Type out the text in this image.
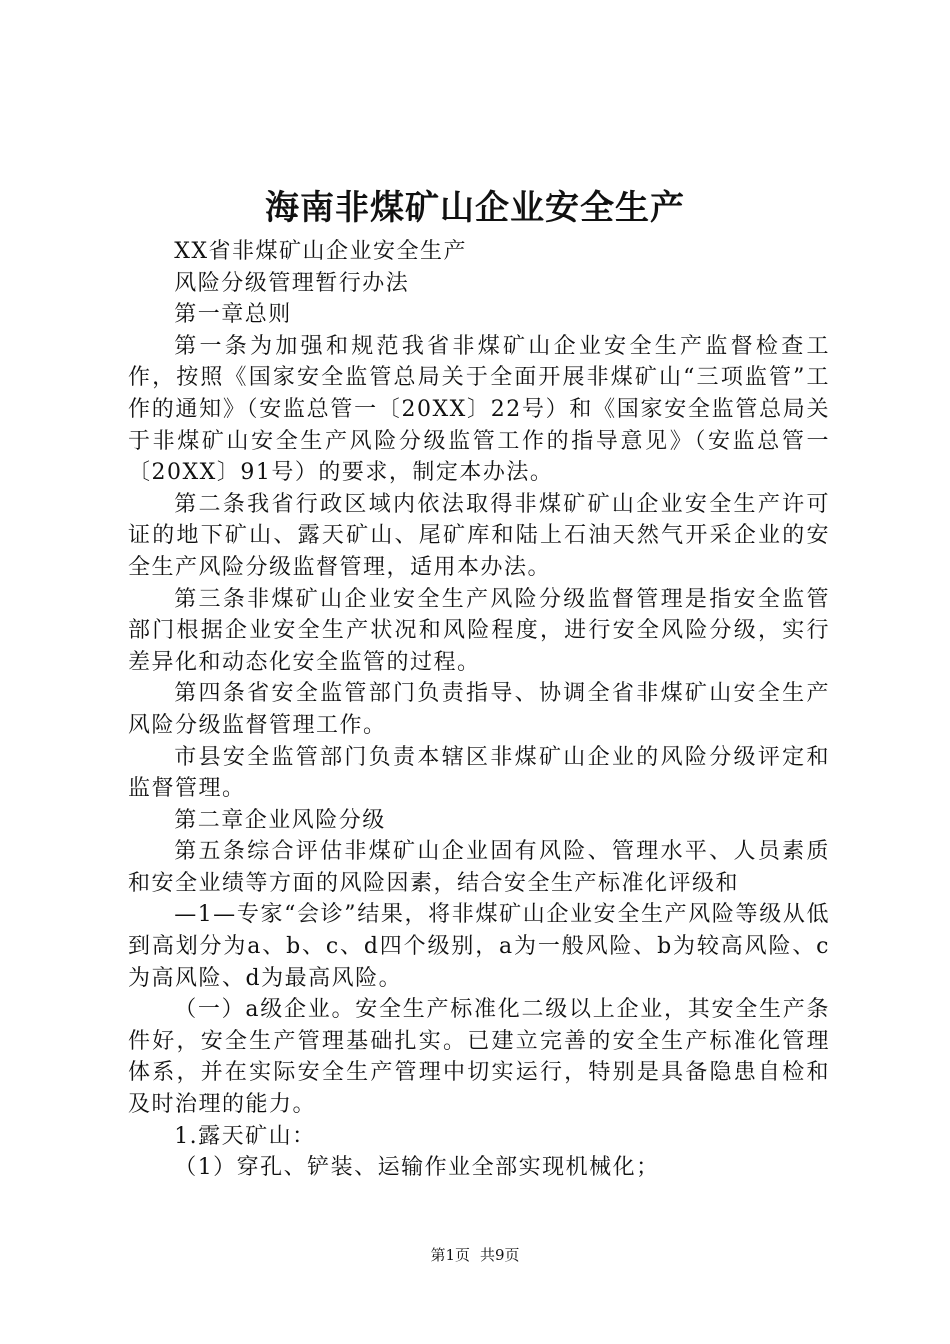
海南非煤矿山企业安全生产

XX省非煤矿山企业安全生产

风险分级管理暂行办法

第一章总则

第一条为加强和规范我省非煤矿山企业安全生产监督检查工作，按照《国家安全监管总局关于全面开展非煤矿山“三项监管”工作的通知》（安监总管一〔20XX〕22号）和《国家安全监管总局关于非煤矿山安全生产风险分级监管工作的指导意见》（安监总管一〔20XX〕91号）的要求，制定本办法。

第二条我省行政区域内依法取得非煤矿矿山企业安全生产许可证的地下矿山、露天矿山、尾矿库和陆上石油天然气开采企业的安全生产风险分级监督管理，适用本办法。

第三条非煤矿山企业安全生产风险分级监督管理是指安全监管部门根据企业安全生产状况和风险程度，进行安全风险分级，实行差异化和动态化安全监管的过程。

第四条省安全监管部门负责指导、协调全省非煤矿山安全生产风险分级监督管理工作。

市县安全监管部门负责本辖区非煤矿山企业的风险分级评定和监督管理。

第二章企业风险分级

第五条综合评估非煤矿山企业固有风险、管理水平、人员素质和安全业绩等方面的风险因素，结合安全生产标准化评级和

—1—专家“会诊”结果，将非煤矿山企业安全生产风险等级从低到高划分为a、b、c、d四个级别，a为一般风险、b为较高风险、c为高风险、d为最高风险。

（一）a级企业。安全生产标准化二级以上企业，其安全生产条件好，安全生产管理基础扎实。已建立完善的安全生产标准化管理体系，并在实际安全生产管理中切实运行，特别是具备隐患自检和及时治理的能力。

1.露天矿山：

（1）穿孔、铲装、运输作业全部实现机械化；

第1页 共9页
